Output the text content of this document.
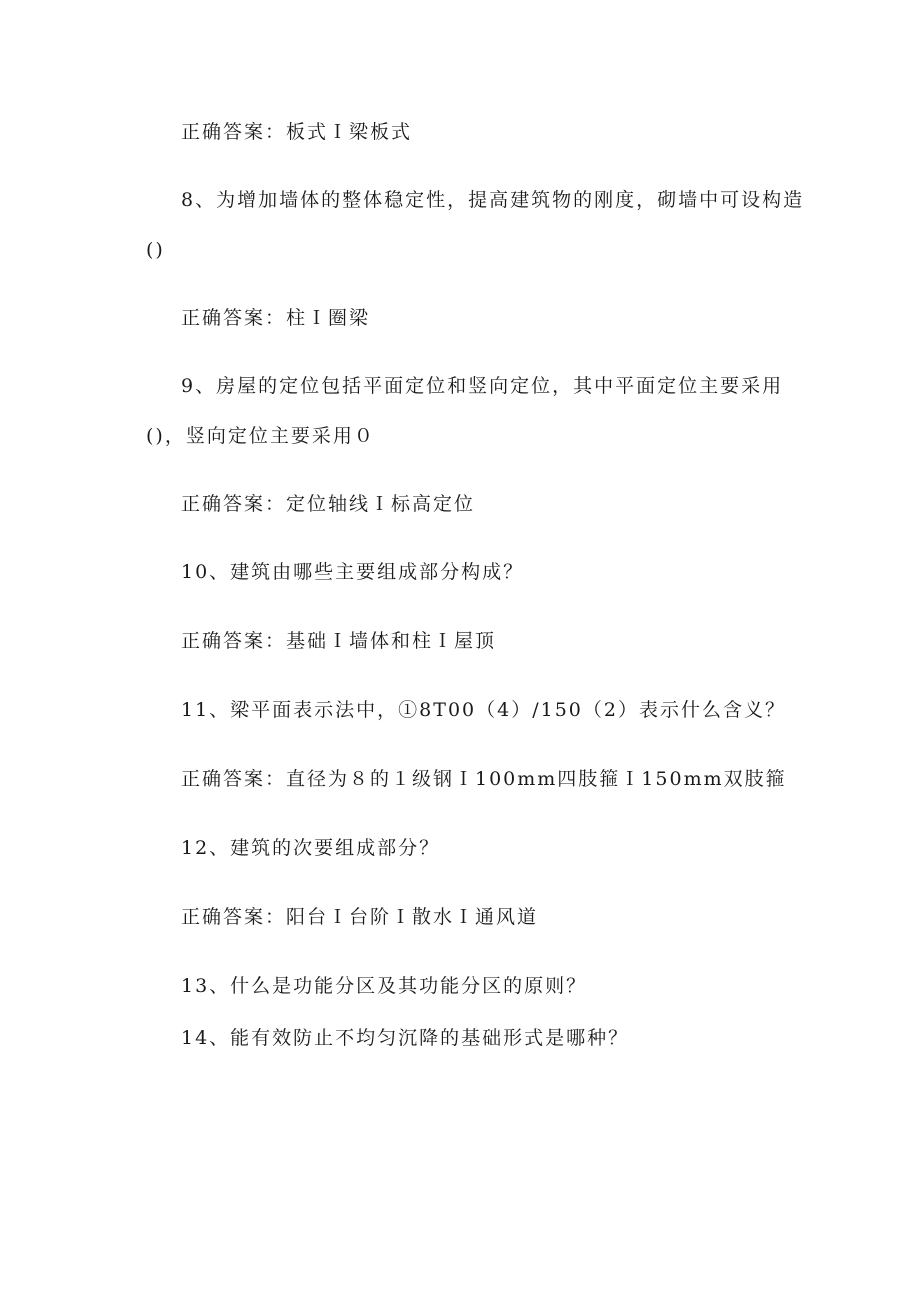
正确答案：板式Ｉ梁板式
8、为增加墙体的整体稳定性，提高建筑物的刚度，砌墙中可设构造
()
正确答案：柱Ｉ圈梁
9、房屋的定位包括平面定位和竖向定位，其中平面定位主要采用
()，竖向定位主要采用０
正确答案：定位轴线Ｉ标高定位
10、建筑由哪些主要组成部分构成？
正确答案：基础Ｉ墙体和柱Ｉ屋顶
11、梁平面表示法中，①8T00（4）/150（2）表示什么含义？
正确答案：直径为８的１级钢Ｉ100mm四肢箍Ｉ150mm双肢箍
12、建筑的次要组成部分？
正确答案：阳台Ｉ台阶Ｉ散水Ｉ通风道
13、什么是功能分区及其功能分区的原则？
14、能有效防止不均匀沉降的基础形式是哪种？
